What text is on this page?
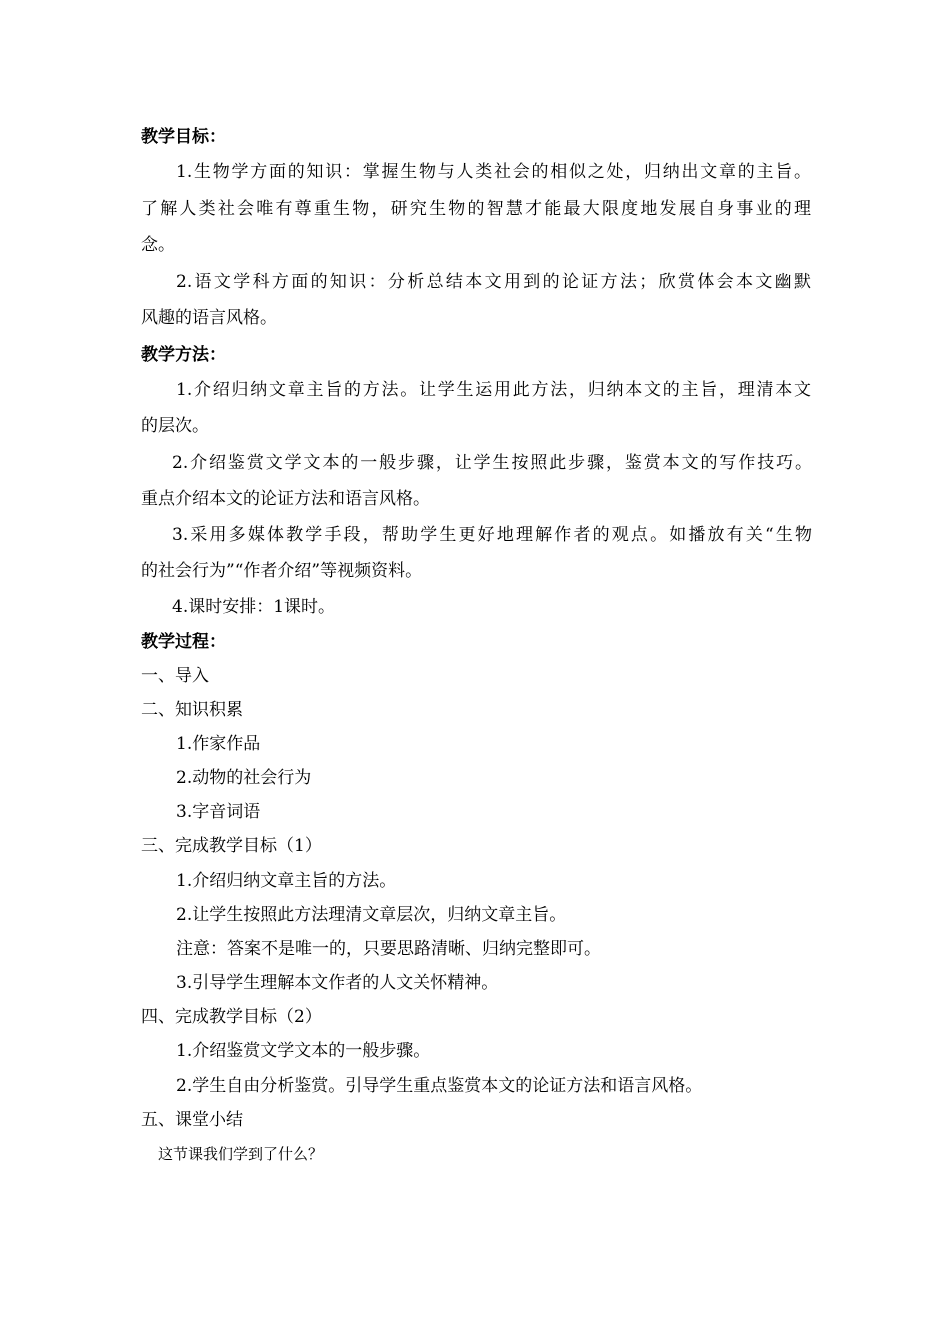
教学目标：
1.生物学方面的知识：掌握生物与人类社会的相似之处，归纳出文章的主旨。
了解人类社会唯有尊重生物，研究生物的智慧才能最大限度地发展自身事业的理
念。
2.语文学科方面的知识：分析总结本文用到的论证方法；欣赏体会本文幽默
风趣的语言风格。
教学方法：
1.介绍归纳文章主旨的方法。让学生运用此方法，归纳本文的主旨，理清本文
的层次。
2.介绍鉴赏文学文本的一般步骤，让学生按照此步骤，鉴赏本文的写作技巧。
重点介绍本文的论证方法和语言风格。
3.采用多媒体教学手段，帮助学生更好地理解作者的观点。如播放有关“生物
的社会行为”“作者介绍”等视频资料。
4.课时安排：1课时。
教学过程：
一、导入
二、知识积累
1.作家作品
2.动物的社会行为
3.字音词语
三、完成教学目标（1）
1.介绍归纳文章主旨的方法。
2.让学生按照此方法理清文章层次，归纳文章主旨。
注意：答案不是唯一的，只要思路清晰、归纳完整即可。
3.引导学生理解本文作者的人文关怀精神。
四、完成教学目标（2）
1.介绍鉴赏文学文本的一般步骤。
2.学生自由分析鉴赏。引导学生重点鉴赏本文的论证方法和语言风格。
五、课堂小结
这节课我们学到了什么？
